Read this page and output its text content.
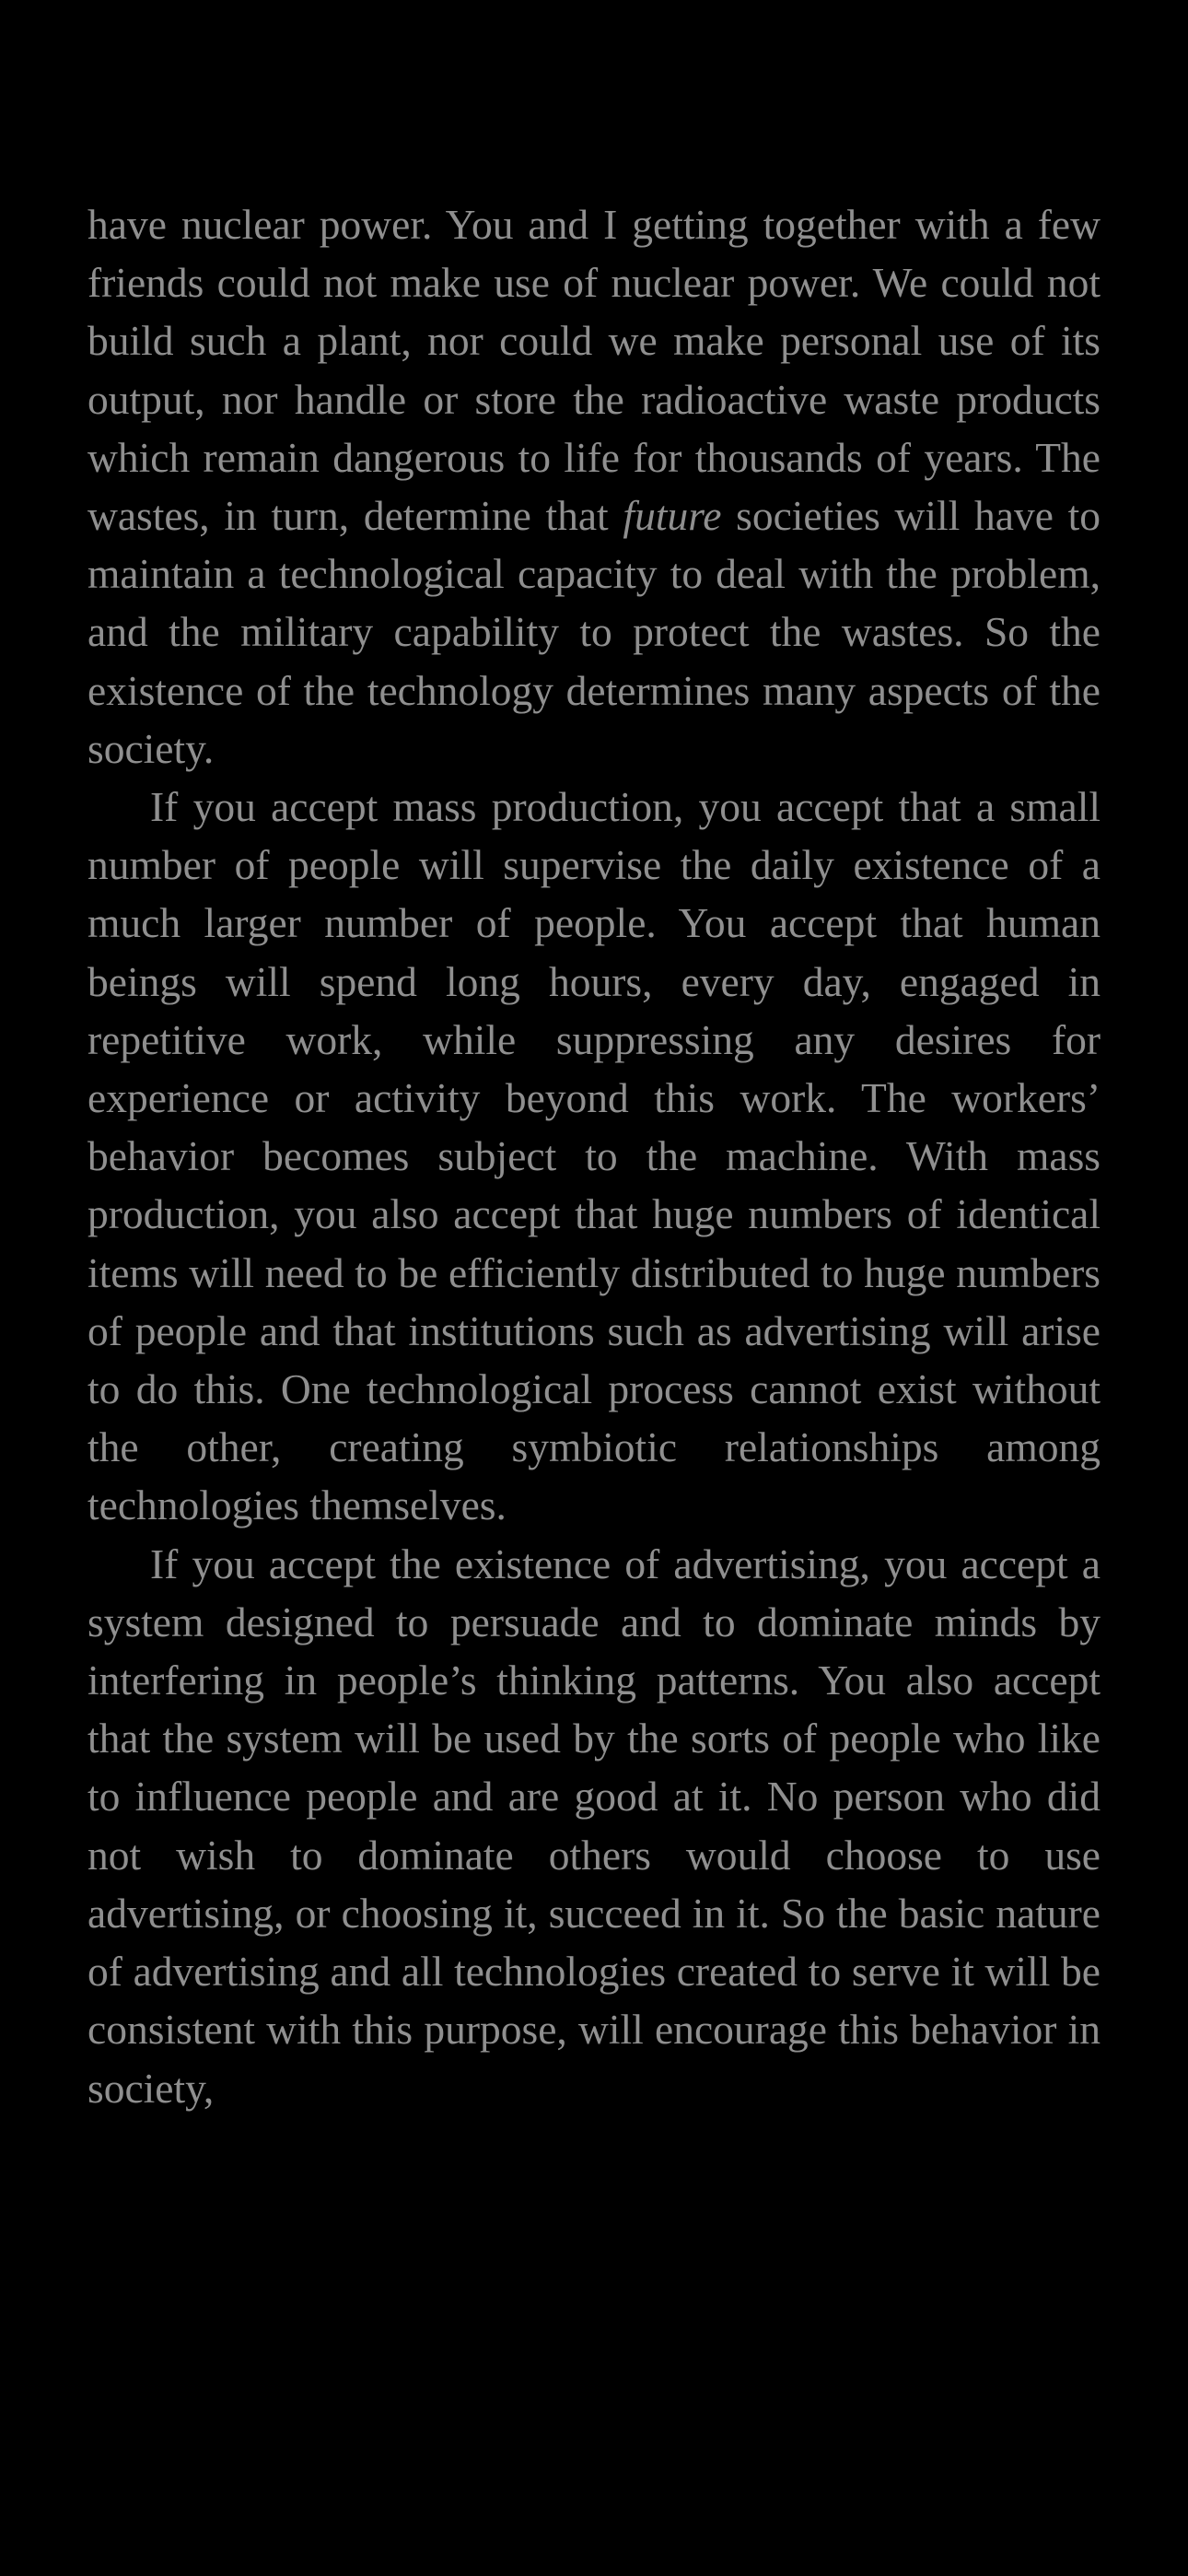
have nuclear power. You and I getting together with a few friends could not make use of nuclear power. We could not build such a plant, nor could we make personal use of its output, nor handle or store the radioactive waste products which remain dangerous to life for thousands of years. The wastes, in turn, determine that future societies will have to maintain a technological capacity to deal with the problem, and the military capability to protect the wastes. So the existence of the technology determines many aspects of the society.

If you accept mass production, you accept that a small number of people will supervise the daily existence of a much larger number of people. You accept that human beings will spend long hours, every day, engaged in repetitive work, while suppressing any desires for experience or activity beyond this work. The workers’ behavior becomes subject to the machine. With mass production, you also accept that huge numbers of identical items will need to be efficiently distributed to huge numbers of people and that institutions such as advertising will arise to do this. One technological process cannot exist without the other, creating symbiotic relationships among technologies themselves.

If you accept the existence of advertising, you accept a system designed to persuade and to dominate minds by interfering in people’s thinking patterns. You also accept that the system will be used by the sorts of people who like to influence people and are good at it. No person who did not wish to dominate others would choose to use advertising, or choosing it, succeed in it. So the basic nature of advertising and all technologies created to serve it will be consistent with this purpose, will encourage this behavior in society,
